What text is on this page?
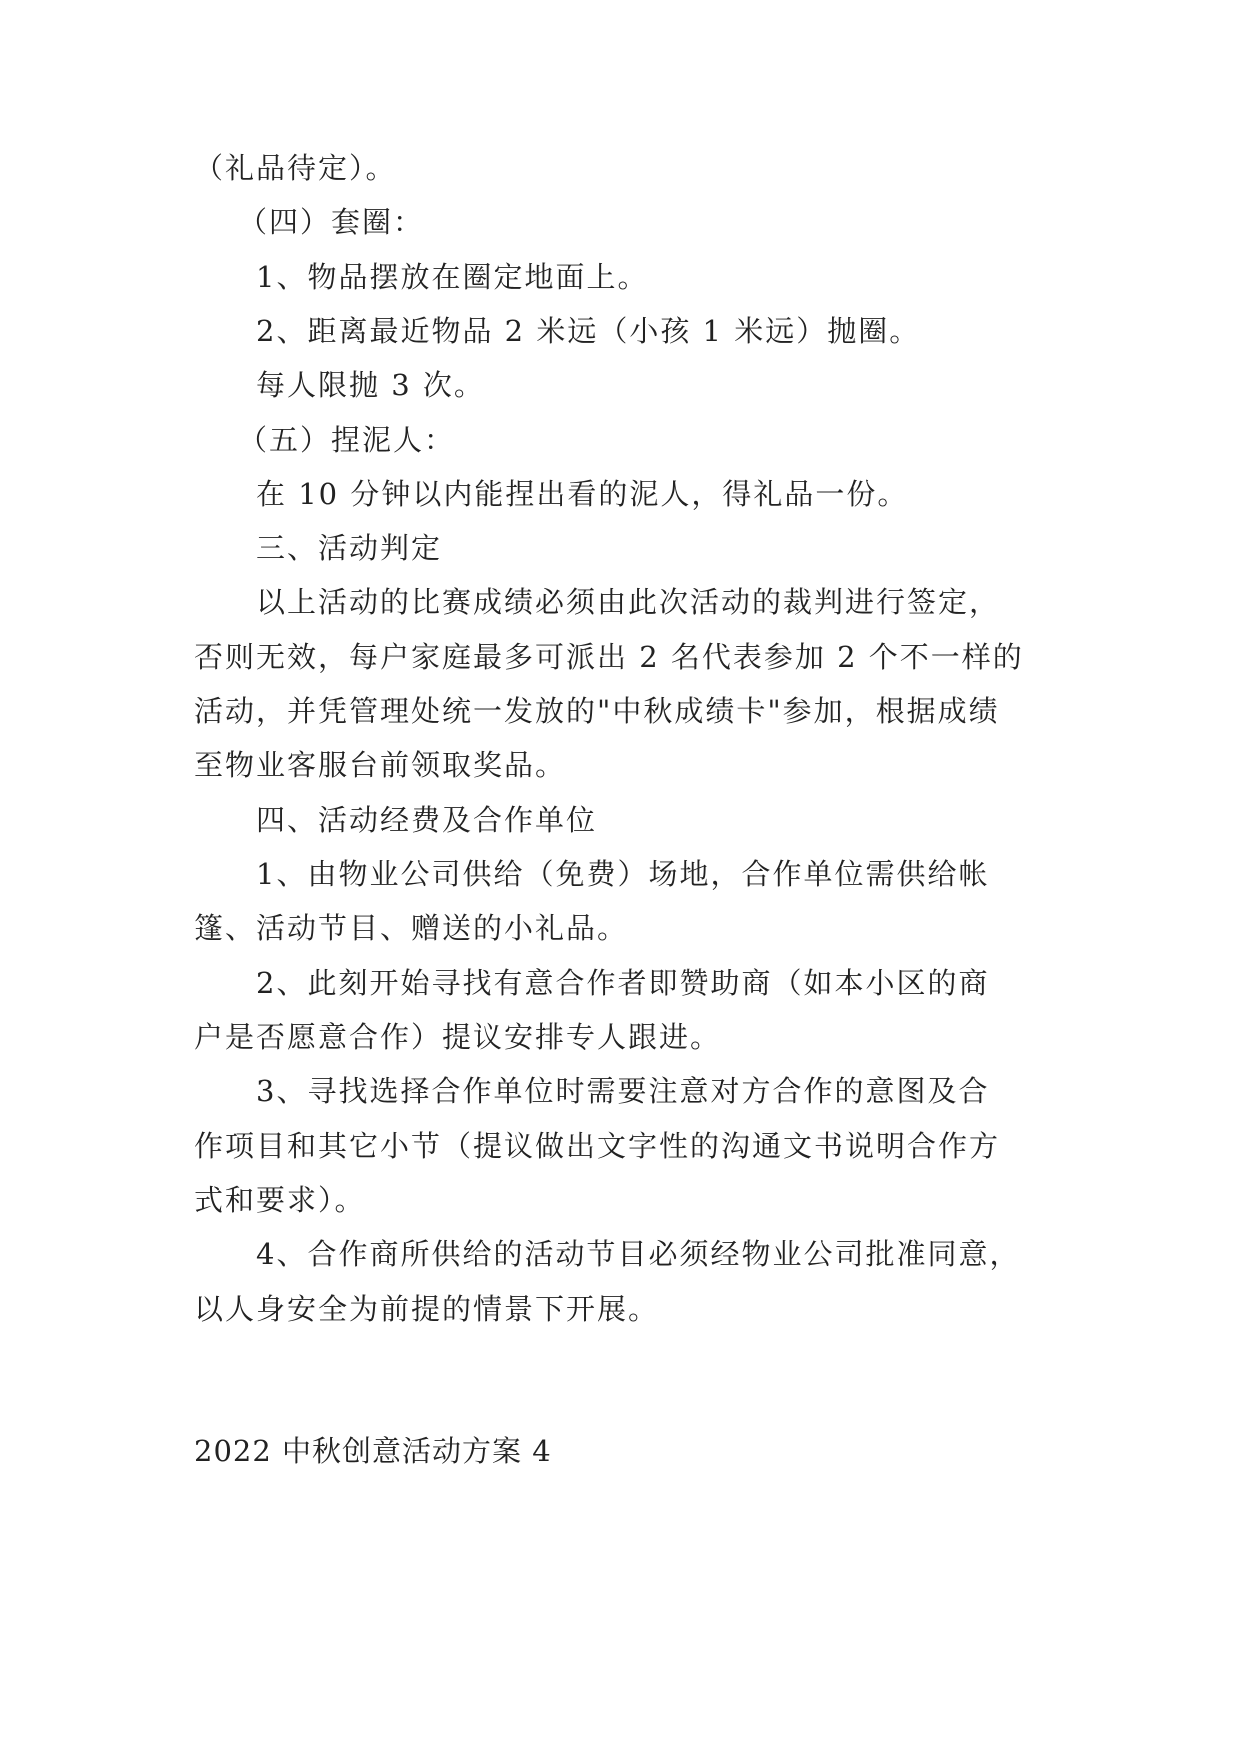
（礼品待定）。
（四）套圈：
1、物品摆放在圈定地面上。
2、距离最近物品 2 米远（小孩 1 米远）抛圈。
每人限抛 3 次。
（五）捏泥人：
在 10 分钟以内能捏出看的泥人，得礼品一份。
三、活动判定
以上活动的比赛成绩必须由此次活动的裁判进行签定，
否则无效，每户家庭最多可派出 2 名代表参加 2 个不一样的
活动，并凭管理处统一发放的"中秋成绩卡"参加，根据成绩
至物业客服台前领取奖品。
四、活动经费及合作单位
1、由物业公司供给（免费）场地，合作单位需供给帐
篷、活动节目、赠送的小礼品。
2、此刻开始寻找有意合作者即赞助商（如本小区的商
户是否愿意合作）提议安排专人跟进。
3、寻找选择合作单位时需要注意对方合作的意图及合
作项目和其它小节（提议做出文字性的沟通文书说明合作方
式和要求）。
4、合作商所供给的活动节目必须经物业公司批准同意，
以人身安全为前提的情景下开展。
2022 中秋创意活动方案 4
